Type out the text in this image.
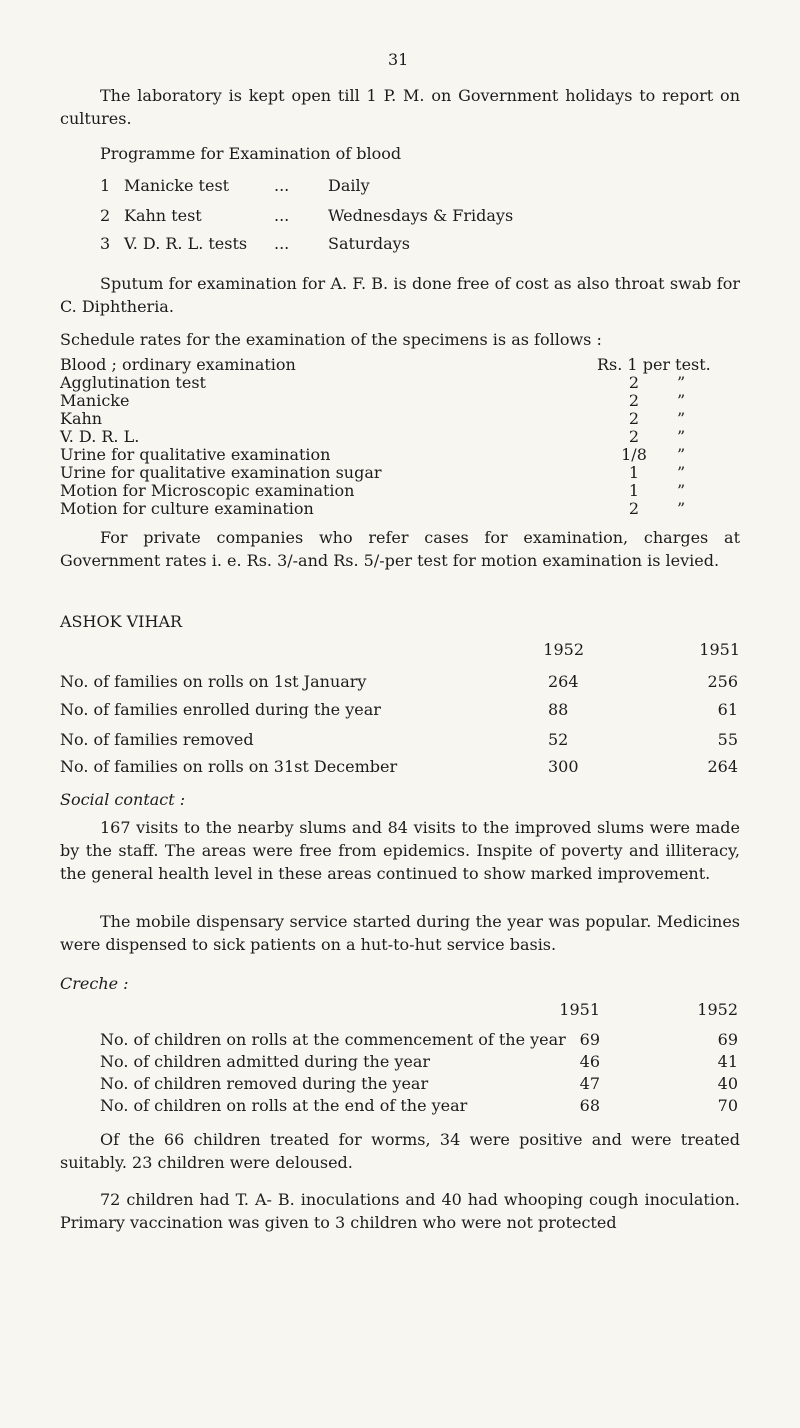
31
The laboratory is kept open till 1 P. M. on Government holidays to report on cultures.
Programme for Examination of blood
1 Manicke test	... Daily
2 Kahn test	... Wednesdays & Fridays
3 V. D. R. L. tests ... Saturdays
Sputum for examination for A. F. B. is done free of cost as also throat swab for C. Diphtheria.
Schedule rates for the examination of the specimens is as follows :
Blood ; ordinary examination	Rs. 1 per test.
Agglutination test	2	”
Manicke	2	”
Kahn	2	”
V. D. R. L.	2	”
Urine for qualitative examination	1/8 ”
Urine for qualitative examination sugar	1	”
Motion for Microscopic examination	1	”
Motion for culture examination	2	”
For private companies who refer cases for examination, charges at Government rates i. e. Rs. 3/-and Rs. 5/-per test for motion examination is levied.
ASHOK VIHAR
1952	1951
No. of families on rolls on 1st January	264	256
No. of families enrolled during the year	88	61
No. of families removed	52	55
No. of families on rolls on 31st December	300	264
Social contact :
167 visits to the nearby slums and 84 visits to the improved slums were made by the staff. The areas were free from epidemics. Inspite of poverty and illiteracy, the general health level in these areas continued to show marked improvement.
The mobile dispensary service started during the year was popular. Medicines were dispensed to sick patients on a hut-to-hut service basis.
Creche :
1951	1952
No. of children on rolls at the commencement of the year 69	69
No. of children admitted during the year	46	41
No. of children removed during the year	47	40
No. of children on rolls at the end of the year	68	70
Of the 66 children treated for worms, 34 were positive and were treated suitably. 23 children were deloused.
72 children had T. A- B. inoculations and 40 had whooping cough inoculation. Primary vaccination was given to 3 children who were not protected
